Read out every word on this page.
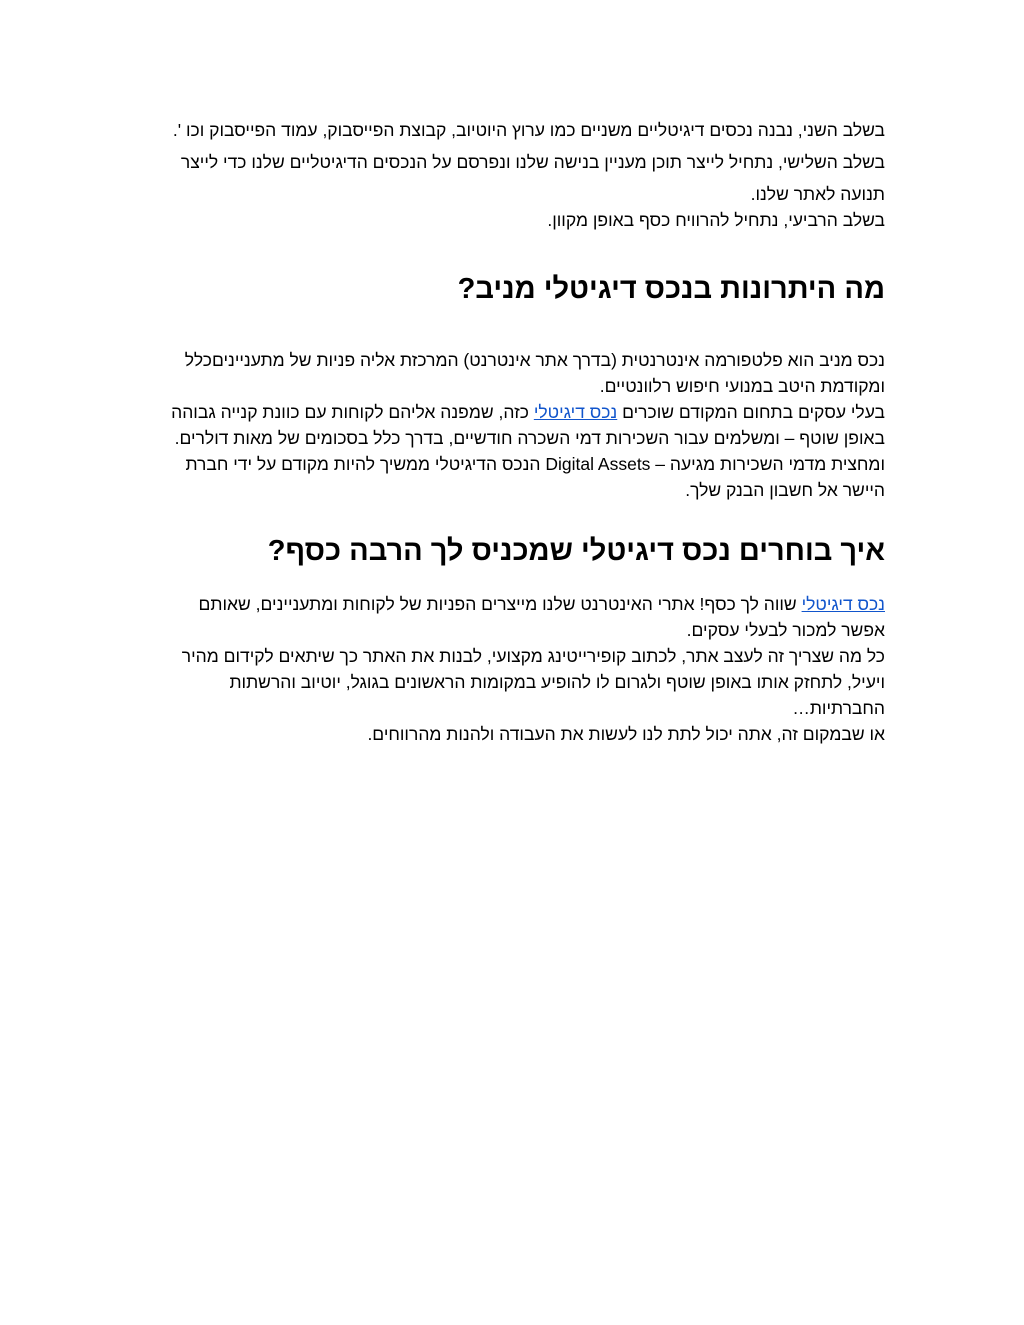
בשלב השני, נבנה נכסים דיגיטליים משניים כמו ערוץ היוטיוב, קבוצת הפייסבוק, עמוד הפייסבוק וכו '.

בשלב השלישי, נתחיל לייצר תוכן מעניין בנישה שלנו ונפרסם על הנכסים הדיגיטליים שלנו כדי לייצר
תנועה לאתר שלנו.

בשלב הרביעי, נתחיל להרוויח כסף באופן מקוון.

מה היתרונות בנכס דיגיטלי מניב?

נכס מניב הוא פלטפורמה אינטרנטית (בדרך אתר אינטרנט) המרכזת אליה פניות של מתענייניםכלל
ומקודמת היטב במנועי חיפוש רלוונטיים.

בעלי עסקים בתחום המקודם שוכרים נכס דיגיטלי כזה, שמפנה אליהם לקוחות עם כוונת קנייה גבוהה
באופן שוטף – ומשלמים עבור השכירות דמי השכרה חודשיים, בדרך כלל בסכומים של מאות דולרים.
ומחצית מדמי השכירות מגיעה – Digital Assets הנכס הדיגיטלי ממשיך להיות מקודם על ידי חברת
היישר אל חשבון הבנק שלך.

איך בוחרים נכס דיגיטלי שמכניס לך הרבה כסף?

נכס דיגיטלי שווה לך כסף! אתרי האינטרנט שלנו מייצרים הפניות של לקוחות ומתעניינים, שאותם
אפשר למכור לבעלי עסקים.

כל מה שצריך זה לעצב אתר, לכתוב קופירייטינג מקצועי, לבנות את האתר כך שיתאים לקידום מהיר
ויעיל, לתחזק אותו באופן שוטף ולגרום לו להופיע במקומות הראשונים בגוגל, יוטיוב והרשתות
החברתיות…

או שבמקום זה, אתה יכול לתת לנו לעשות את העבודה ולהנות מהרווחים.
